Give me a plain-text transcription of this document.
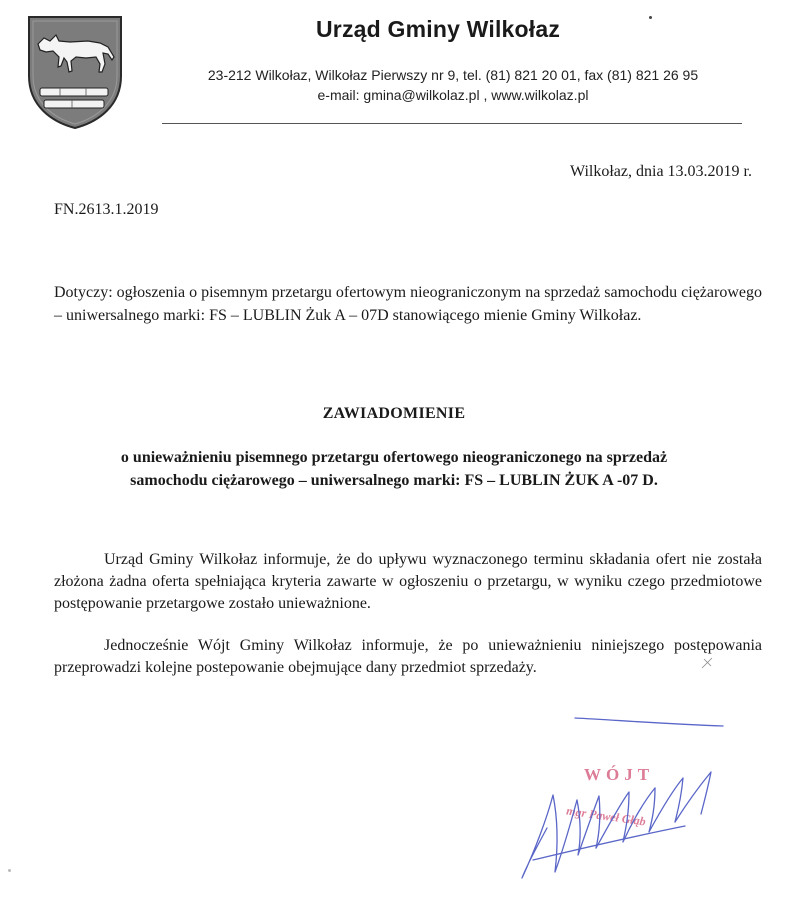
Urząd Gminy Wilkołaz
23-212 Wilkołaz, Wilkołaz Pierwszy nr 9, tel. (81) 821 20 01, fax (81) 821 26 95
e-mail: gmina@wilkolaz.pl , www.wilkolaz.pl
Wilkołaz, dnia 13.03.2019 r.
FN.2613.1.2019

Dotyczy: ogłoszenia o pisemnym przetargu ofertowym nieograniczonym na sprzedaż samochodu ciężarowego – uniwersalnego marki: FS – LUBLIN Żuk A – 07D stanowiącego mienie Gminy Wilkołaz.

ZAWIADOMIENIE

o unieważnieniu pisemnego przetargu ofertowego nieograniczonego na sprzedaż
samochodu ciężarowego – uniwersalnego marki: FS – LUBLIN ŻUK A -07 D.

Urząd Gminy Wilkołaz informuje, że do upływu wyznaczonego terminu składania ofert nie została złożona żadna oferta spełniająca kryteria zawarte w ogłoszeniu o przetargu, w wyniku czego przedmiotowe postępowanie przetargowe zostało unieważnione.

Jednocześnie Wójt Gminy Wilkołaz informuje, że po unieważnieniu niniejszego postępowania przeprowadzi kolejne postepowanie obejmujące dany przedmiot sprzedaży.

WÓJT
mgr Paweł Głąb
